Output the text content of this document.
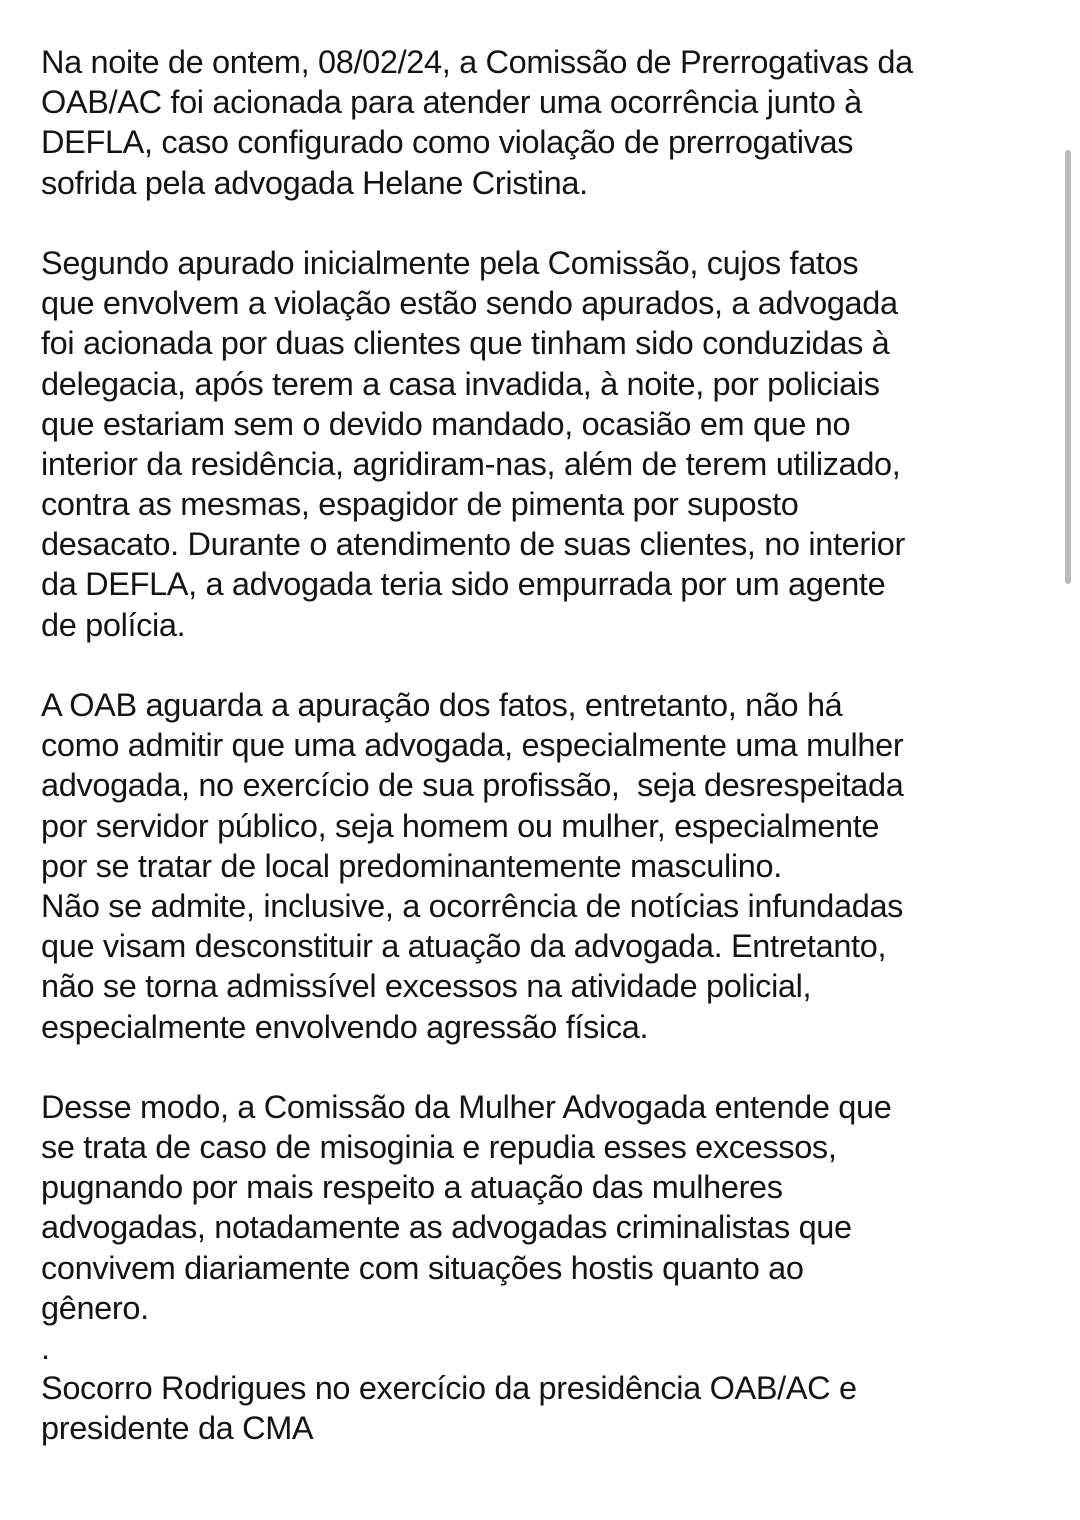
Na noite de ontem, 08/02/24, a Comissão de Prerrogativas da
OAB/AC foi acionada para atender uma ocorrência junto à
DEFLA, caso configurado como violação de prerrogativas
sofrida pela advogada Helane Cristina.
Segundo apurado inicialmente pela Comissão, cujos fatos
que envolvem a violação estão sendo apurados, a advogada
foi acionada por duas clientes que tinham sido conduzidas à
delegacia, após terem a casa invadida, à noite, por policiais
que estariam sem o devido mandado, ocasião em que no
interior da residência, agridiram-nas, além de terem utilizado,
contra as mesmas, espagidor de pimenta por suposto
desacato. Durante o atendimento de suas clientes, no interior
da DEFLA, a advogada teria sido empurrada por um agente
de polícia.
A OAB aguarda a apuração dos fatos, entretanto, não há
como admitir que uma advogada, especialmente uma mulher
advogada, no exercício de sua profissão,  seja desrespeitada
por servidor público, seja homem ou mulher, especialmente
por se tratar de local predominantemente masculino.
Não se admite, inclusive, a ocorrência de notícias infundadas
que visam desconstituir a atuação da advogada. Entretanto,
não se torna admissível excessos na atividade policial,
especialmente envolvendo agressão física.
Desse modo, a Comissão da Mulher Advogada entende que
se trata de caso de misoginia e repudia esses excessos,
pugnando por mais respeito a atuação das mulheres
advogadas, notadamente as advogadas criminalistas que
convivem diariamente com situações hostis quanto ao
gênero.
.
Socorro Rodrigues no exercício da presidência OAB/AC e
presidente da CMA
